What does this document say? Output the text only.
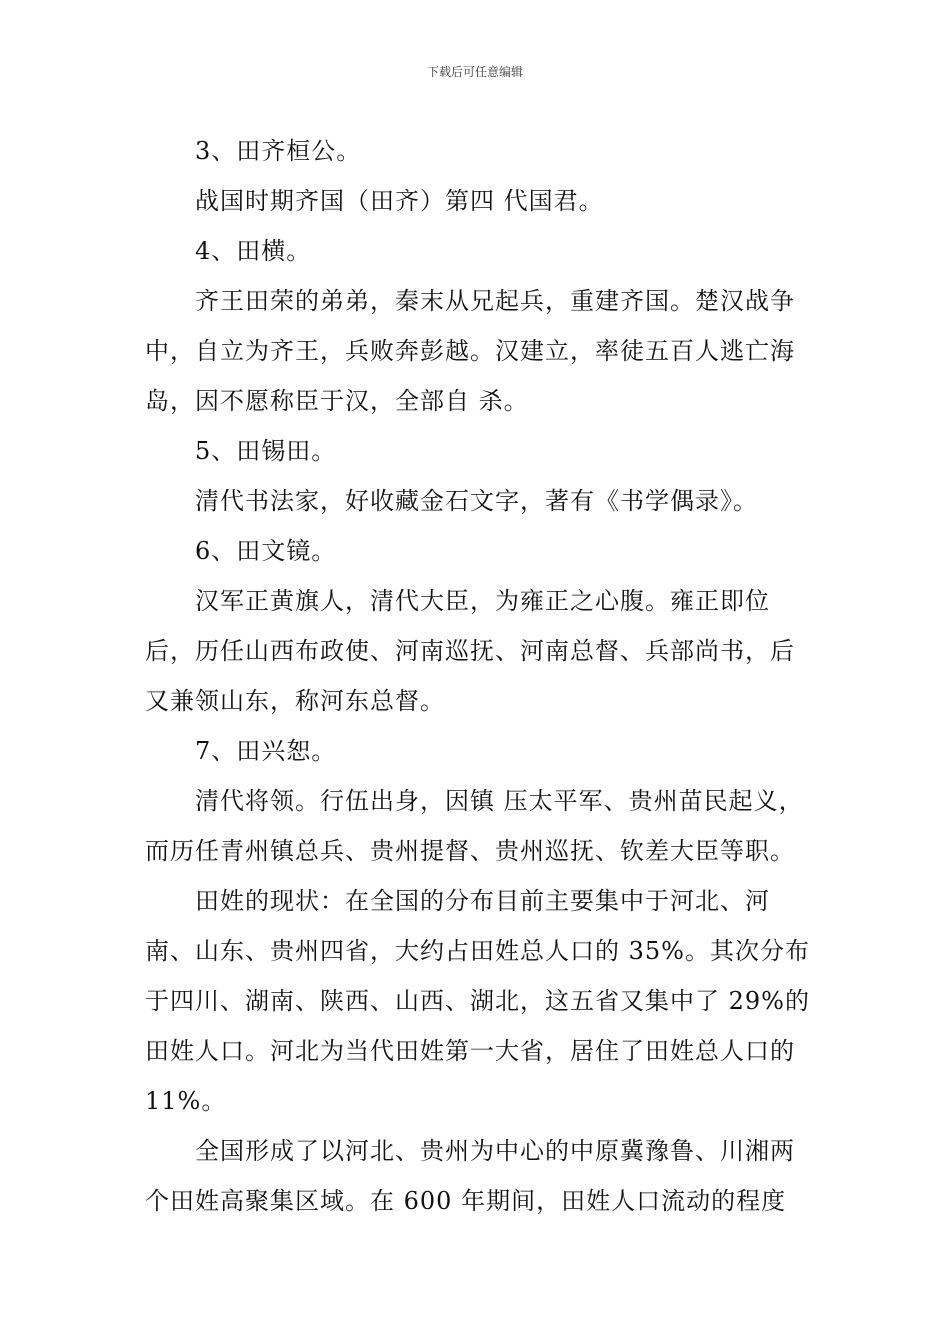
下载后可任意编辑

3、田齐桓公。

战国时期齐国（田齐）第四 代国君。

4、田横。

齐王田荣的弟弟，秦末从兄起兵，重建齐国。楚汉战争中，自立为齐王，兵败奔彭越。汉建立，率徒五百人逃亡海岛，因不愿称臣于汉，全部自 杀。

5、田锡田。

清代书法家，好收藏金石文字，著有《书学偶录》。

6、田文镜。

汉军正黄旗人，清代大臣，为雍正之心腹。雍正即位后，历任山西布政使、河南巡抚、河南总督、兵部尚书，后又兼领山东，称河东总督。

7、田兴恕。

清代将领。行伍出身，因镇 压太平军、贵州苗民起义，而历任青州镇总兵、贵州提督、贵州巡抚、钦差大臣等职。

田姓的现状：在全国的分布目前主要集中于河北、河南、山东、贵州四省，大约占田姓总人口的 35%。其次分布于四川、湖南、陕西、山西、湖北，这五省又集中了 29%的田姓人口。河北为当代田姓第一大省，居住了田姓总人口的 11%。

全国形成了以河北、贵州为中心的中原冀豫鲁、川湘两个田姓高聚集区域。在 600 年期间，田姓人口流动的程度
